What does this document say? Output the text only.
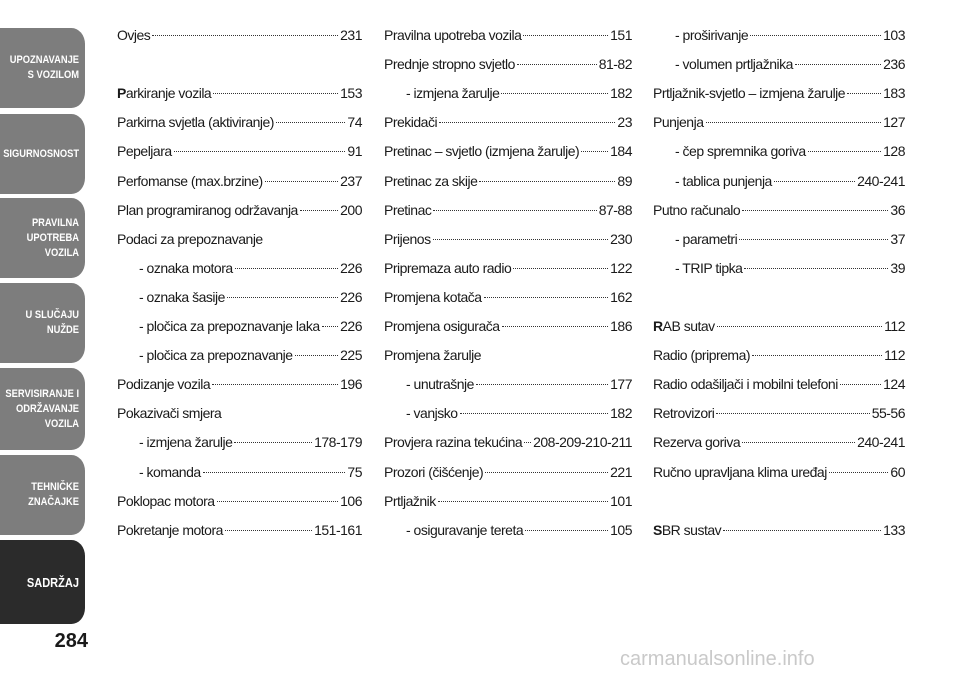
UPOZNAVANJE
S VOZILOM
SIGURNOSNOST
PRAVILNA
UPOTREBA
VOZILA
U SLUČAJU
NUŽDE
SERVISIRANJE I
ODRŽAVANJE
VOZILA
TEHNIČKE
ZNAČAJKE
SADRŽAJ
284
Ovjes	231
Parkiranje vozila	153
Parkirna svjetla (aktiviranje)	74
Pepeljara	91
Perfomanse (max.brzine)	237
Plan programiranog održavanja	200
Podaci za prepoznavanje
- oznaka motora	226
- oznaka šasije	226
- pločica za prepoznavanje laka 226
- pločica za prepoznavanje	225
Podizanje vozila	196
Pokazivači smjera
- izmjena žarulje	178-179
- komanda	75
Poklopac motora	106
Pokretanje motora	151-161
Pravilna upotreba vozila	151
Prednje stropno svjetlo	81-82
- izmjena žarulje	182
Prekidači	23
Pretinac – svjetlo (izmjena žarulje) 184
Pretinac za skije	89
Pretinac	87-88
Prijenos	230
Pripremaza auto radio	122
Promjena kotača	162
Promjena osigurača	186
Promjena žarulje
- unutrašnje	177
- vanjsko	182
Provjera razina tekućina 208-209-210-211
Prozori (čišćenje)	221
Prtljažnik	101
- osiguravanje tereta	105
- proširivanje	103
- volumen prtljažnika	236
Prtljažnik-svjetlo – izmjena žarulje	183
Punjenja	127
- čep spremnika goriva	128
- tablica punjenja	240-241
Putno računalo	36
- parametri	37
- TRIP tipka	39
RAB sutav	112
Radio (priprema)	112
Radio odašiljači i mobilni telefoni	124
Retrovizori	55-56
Rezerva goriva	240-241
Ručno upravljana klima uređaj	60
SBR sustav	133
carmanualsonline.info
